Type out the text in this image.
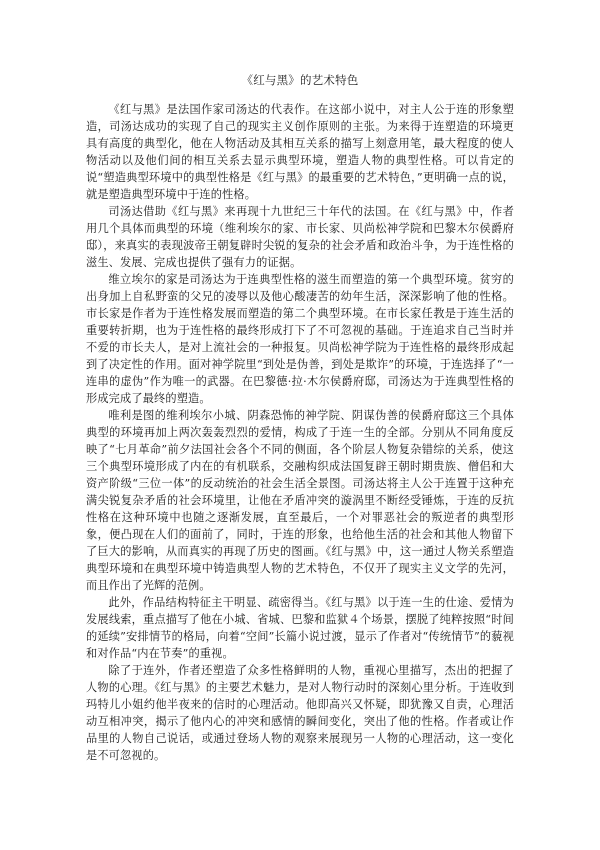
《红与黑》的艺术特色

《红与黑》是法国作家司汤达的代表作。在这部小说中，对主人公于连的形象塑造，司汤达成功的实现了自己的现实主义创作原则的主张。为来得于连塑造的环境更具有高度的典型化，他在人物活动及其相互关系的描写上刻意用笔，最大程度的使人物活动以及他们间的相互关系去显示典型环境，塑造人物的典型性格。可以肯定的说“塑造典型环境中的典型性格是《红与黑》的最重要的艺术特色，”更明确一点的说，就是塑造典型环境中于连的性格。

司汤达借助《红与黑》来再现十九世纪三十年代的法国。在《红与黑》中，作者用几个具体而典型的环境（维利埃尔的家、市长家、贝尚松神学院和巴黎木尔侯爵府邸），来真实的表现波帝王朝复辟时尖锐的复杂的社会矛盾和政治斗争，为于连性格的滋生、发展、完成也提供了强有力的证据。

维立埃尔的家是司汤达为于连典型性格的滋生而塑造的第一个典型环境。贫穷的出身加上自私野蛮的父兄的凌辱以及他心酸凄苦的幼年生活，深深影响了他的性格。市长家是作者为于连性格发展而塑造的第二个典型环境。在市长家任教是于连生活的重要转折期，也为于连性格的最终形成打下了不可忽视的基础。于连追求自己当时并不爱的市长夫人，是对上流社会的一种报复。贝尚松神学院为于连性格的最终形成起到了决定性的作用。面对神学院里“到处是伪善，到处是欺诈”的环境，于连选择了“一连串的虚伪”作为唯一的武器。在巴黎德·拉·木尔侯爵府邸，司汤达为于连典型性格的形成完成了最终的塑造。

唯利是图的维利埃尔小城、阴森恐怖的神学院、阴谋伪善的侯爵府邸这三个具体典型的环境再加上两次轰轰烈烈的爱情，构成了于连一生的全部。分别从不同角度反映了“七月革命”前夕法国社会各个不同的侧面，各个阶层人物复杂错综的关系，使这三个典型环境形成了内在的有机联系，交融构织成法国复辟王朝时期贵族、僧侣和大资产阶级“三位一体”的反动统治的社会生活全景图。司汤达将主人公于连置于这种充满尖锐复杂矛盾的社会环境里，让他在矛盾冲突的漩涡里不断经受锤炼，于连的反抗性格在这种环境中也随之逐渐发展，直至最后，一个对罪恶社会的叛逆者的典型形象，便凸现在人们的面前了，同时，于连的形象，也给他生活的社会和其他人物留下了巨大的影响，从而真实的再现了历史的图画。《红与黑》中，这一通过人物关系塑造典型环境和在典型环境中铸造典型人物的艺术特色，不仅开了现实主义文学的先河，而且作出了光辉的范例。

此外，作品结构特征主干明显、疏密得当。《红与黑》以于连一生的仕途、爱情为发展线索，重点描写了他在小城、省城、巴黎和监狱４个场景，摆脱了纯粹按照“时间的延续”安排情节的格局，向着“空间”长篇小说过渡，显示了作者对“传统情节”的藐视和对作品“内在节奏”的重视。

除了于连外，作者还塑造了众多性格鲜明的人物，重视心里描写，杰出的把握了人物的心理。《红与黑》的主要艺术魅力，是对人物行动时的深刻心里分析。于连收到玛特儿小姐约他半夜来的信时的心理活动。他即高兴又怀疑，即犹豫又自责，心理活动互相冲突，揭示了他内心的冲突和感情的瞬间变化，突出了他的性格。作者或让作品里的人物自己说话，或通过登场人物的观察来展现另一人物的心理活动，这一变化是不可忽视的。
